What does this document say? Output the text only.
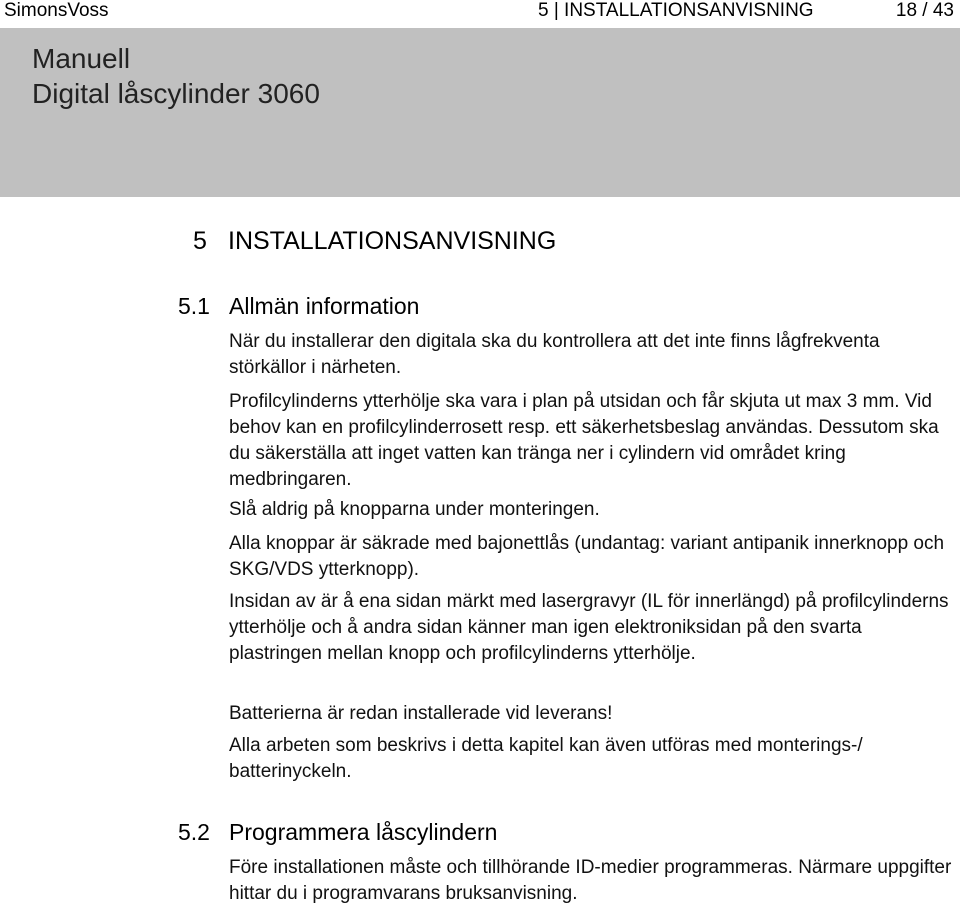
SimonsVoss	5 | INSTALLATIONSANVISNING	18 / 43
Manuell
Digital låscylinder 3060
5 INSTALLATIONSANVISNING
5.1 Allmän information

När du installerar den digitala ska du kontrollera att det inte finns lågfrekventa störkällor i närheten.

Profilcylinderns ytterhölje ska vara i plan på utsidan och får skjuta ut max 3 mm. Vid behov kan en profilcylinderrosett resp. ett säkerhetsbeslag användas. Dessutom ska du säkerställa att inget vatten kan tränga ner i cylindern vid området kring medbringaren.

Slå aldrig på knopparna under monteringen.

Alla knoppar är säkrade med bajonettlås (undantag: variant antipanik innerknopp och SKG/VDS ytterknopp).

Insidan av är å ena sidan märkt med lasergravyr (IL för innerlängd) på profilcylinderns ytterhölje och å andra sidan känner man igen elektroniksidan på den svarta plastringen mellan knopp och profilcylinderns ytterhölje.

Batterierna är redan installerade vid leverans!

Alla arbeten som beskrivs i detta kapitel kan även utföras med monterings-/ batterinyckeln.

5.2 Programmera låscylindern

Före installationen måste och tillhörande ID-medier programmeras. Närmare uppgifter hittar du i programvarans bruksanvisning.
